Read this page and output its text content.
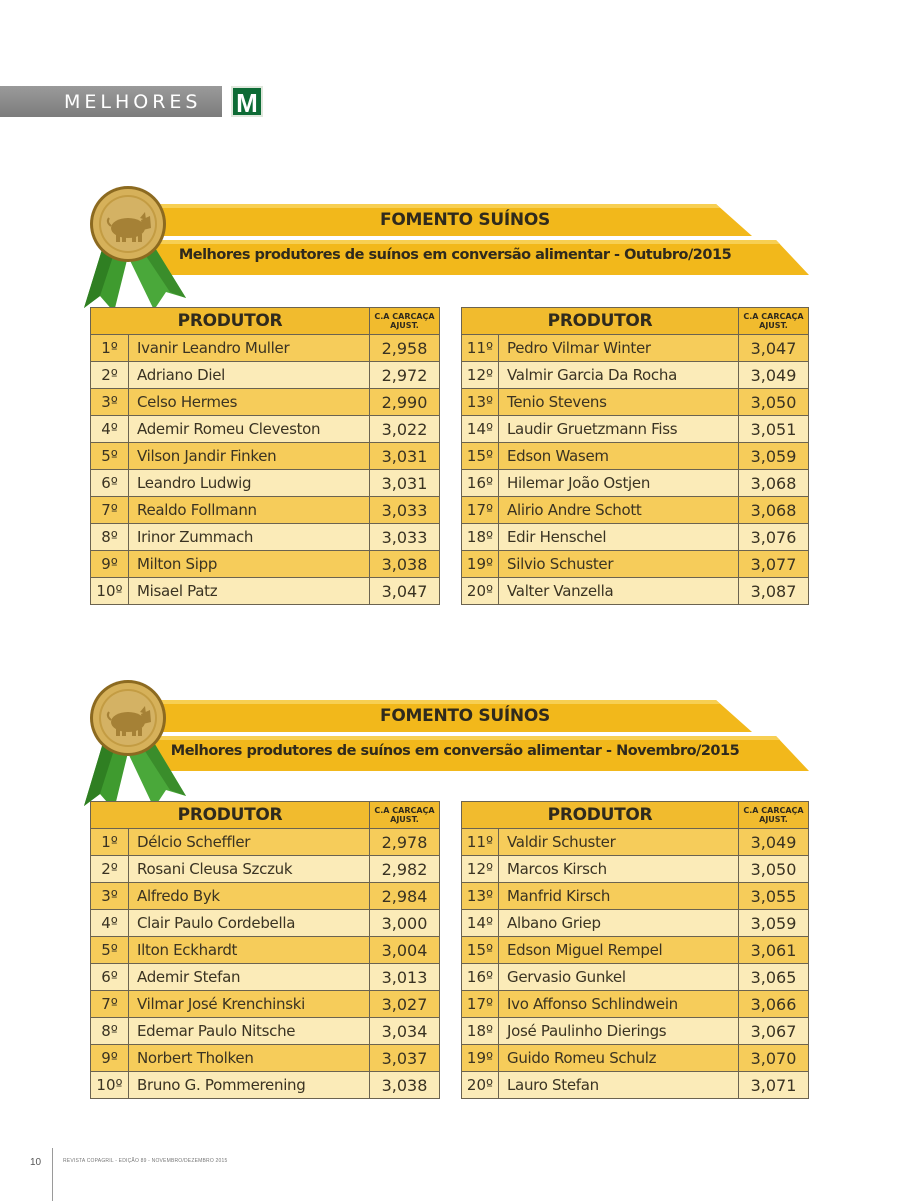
MELHORES M
FOMENTO SUÍNOS
Melhores produtores de suínos em conversão alimentar - Outubro/2015
PRODUTOR		C.A CARCAÇA
AJUST.
1º	Ivanir Leandro Muller	2,958
2º	Adriano Diel	2,972
3º	Celso Hermes	2,990
4º	Ademir Romeu Cleveston	3,022
5º	Vilson Jandir Finken	3,031
6º	Leandro Ludwig	3,031
7º	Realdo Follmann	3,033
8º	Irinor Zummach	3,033
9º	Milton Sipp	3,038
10º	Misael Patz	3,047
PRODUTOR		C.A CARCAÇA
AJUST.
11º	Pedro Vilmar Winter	3,047
12º	Valmir Garcia Da Rocha	3,049
13º	Tenio Stevens	3,050
14º	Laudir Gruetzmann Fiss	3,051
15º	Edson Wasem	3,059
16º	Hilemar João Ostjen	3,068
17º	Alirio Andre Schott	3,068
18º	Edir Henschel	3,076
19º	Silvio Schuster	3,077
20º	Valter Vanzella	3,087
FOMENTO SUÍNOS
Melhores produtores de suínos em conversão alimentar - Novembro/2015
PRODUTOR		C.A CARCAÇA
AJUST.
1º	Délcio Scheffler	2,978
2º	Rosani Cleusa Szczuk	2,982
3º	Alfredo Byk	2,984
4º	Clair Paulo Cordebella	3,000
5º	Ilton Eckhardt	3,004
6º	Ademir Stefan	3,013
7º	Vilmar José Krenchinski	3,027
8º	Edemar Paulo Nitsche	3,034
9º	Norbert Tholken	3,037
10º	Bruno G. Pommerening	3,038
PRODUTOR		C.A CARCAÇA
AJUST.
11º	Valdir Schuster	3,049
12º	Marcos Kirsch	3,050
13º	Manfrid Kirsch	3,055
14º	Albano Griep	3,059
15º	Edson Miguel Rempel	3,061
16º	Gervasio Gunkel	3,065
17º	Ivo Affonso Schlindwein	3,066
18º	José Paulinho Dierings	3,067
19º	Guido Romeu Schulz	3,070
20º	Lauro Stefan	3,071
10	REVISTA COPAGRIL - EDIÇÃO 89 - NOVEMBRO/DEZEMBRO 2015
